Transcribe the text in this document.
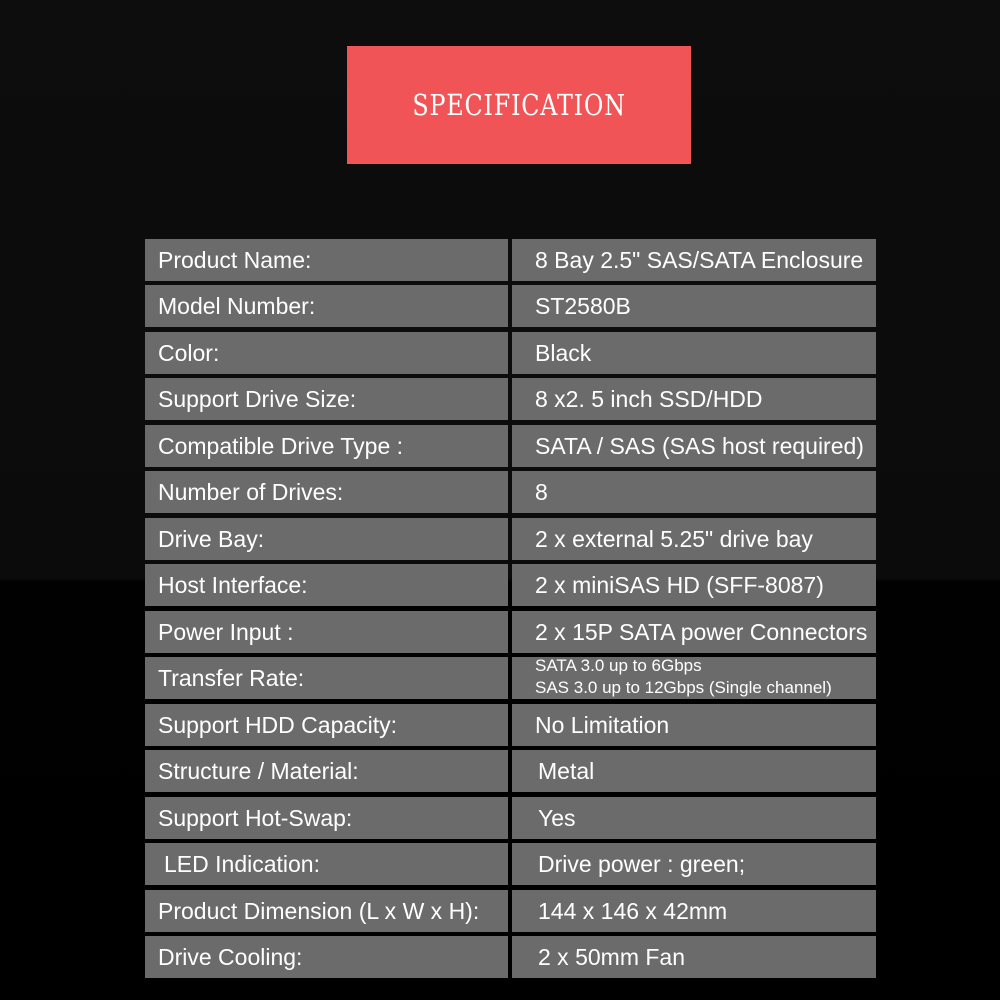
SPECIFICATION
Product Name:	8 Bay 2.5" SAS/SATA Enclosure
Model Number:	ST2580B
Color:	Black
Support Drive Size:	8 x2. 5 inch SSD/HDD
Compatible Drive Type :	SATA / SAS (SAS host required)
Number of Drives:	8
Drive Bay:	2 x external 5.25" drive bay
Host Interface:	2 x miniSAS HD (SFF-8087)
Power Input :	2 x 15P SATA power Connectors
Transfer Rate:	SATA 3.0 up to 6Gbps
SAS 3.0 up to 12Gbps (Single channel)
Support HDD Capacity:	No Limitation
Structure / Material:	Metal
Support Hot-Swap:	Yes
LED Indication:	Drive power : green;
Product Dimension (L x W x H):	144 x 146 x 42mm
Drive Cooling:	2 x 50mm Fan
